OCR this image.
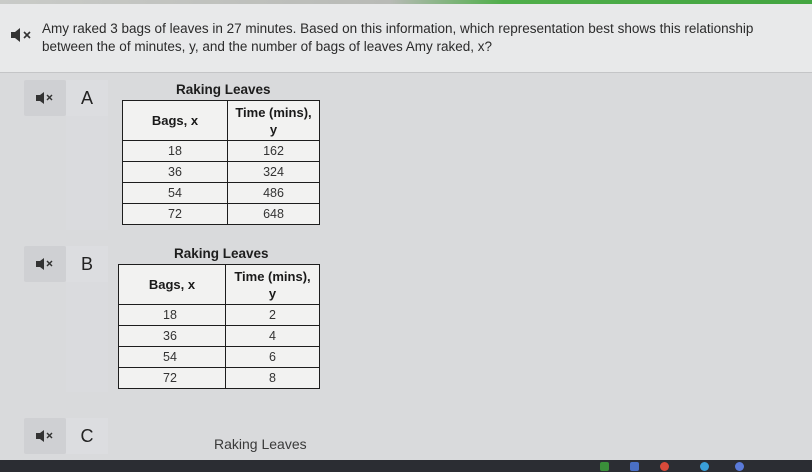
Amy raked 3 bags of leaves in 27 minutes. Based on this information, which representation best shows this relationship between the of minutes, y, and the number of bags of leaves Amy raked, x?
A	Raking Leaves
Bags, x	Time (mins),
y

18	162
36	324
54	486
72	648
B
Raking Leaves
Bags, x	Time (mins),
y

18	2
36	4
54	6
72	8
C	Raking Leaves
